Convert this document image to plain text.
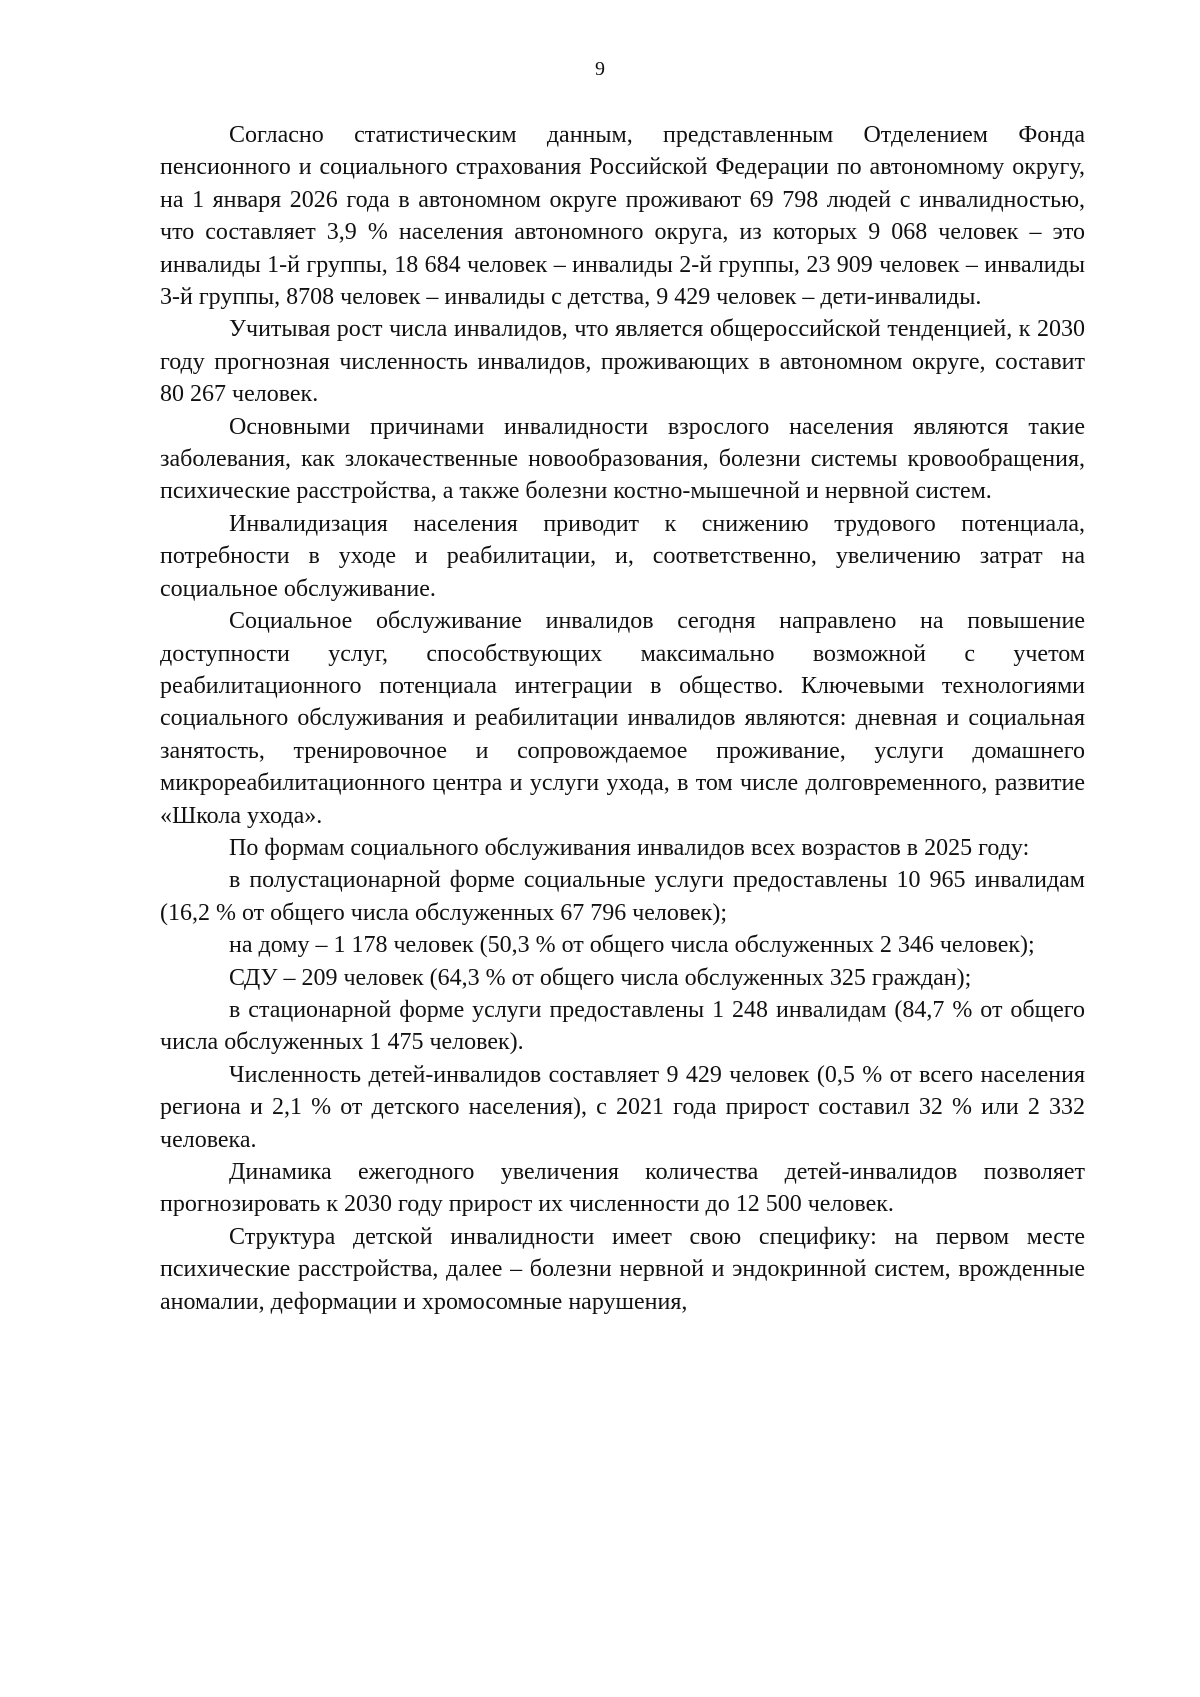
9

Согласно статистическим данным, представленным Отделением Фонда пенсионного и социального страхования Российской Федерации по автономному округу, на 1 января 2026 года в автономном округе проживают 69 798 людей с инвалидностью, что составляет 3,9 % населения автономного округа, из которых 9 068 человек – это инвалиды 1-й группы, 18 684 человек – инвалиды 2-й группы, 23 909 человек – инвалиды 3-й группы, 8708 человек – инвалиды с детства, 9 429 человек – дети-инвалиды.

Учитывая рост числа инвалидов, что является общероссийской тенденцией, к 2030 году прогнозная численность инвалидов, проживающих в автономном округе, составит 80 267 человек.

Основными причинами инвалидности взрослого населения являются такие заболевания, как злокачественные новообразования, болезни системы кровообращения, психические расстройства, а также болезни костно-мышечной и нервной систем.

Инвалидизация населения приводит к снижению трудового потенциала, потребности в уходе и реабилитации, и, соответственно, увеличению затрат на социальное обслуживание.

Социальное обслуживание инвалидов сегодня направлено на повышение доступности услуг, способствующих максимально возможной с учетом реабилитационного потенциала интеграции в общество. Ключевыми технологиями социального обслуживания и реабилитации инвалидов являются: дневная и социальная занятость, тренировочное и сопровождаемое проживание, услуги домашнего микрореабилитационного центра и услуги ухода, в том числе долговременного, развитие «Школа ухода».

По формам социального обслуживания инвалидов всех возрастов в 2025 году:

в полустационарной форме социальные услуги предоставлены 10 965 инвалидам (16,2 % от общего числа обслуженных 67 796 человек);

на дому – 1 178 человек (50,3 % от общего числа обслуженных 2 346 человек);

СДУ – 209 человек (64,3 % от общего числа обслуженных 325 граждан);

в стационарной форме услуги предоставлены 1 248 инвалидам (84,7 % от общего числа обслуженных 1 475 человек).

Численность детей-инвалидов составляет 9 429 человек (0,5 % от всего населения региона и 2,1 % от детского населения), с 2021 года прирост составил 32 % или 2 332 человека.

Динамика ежегодного увеличения количества детей-инвалидов позволяет прогнозировать к 2030 году прирост их численности до 12 500 человек.

Структура детской инвалидности имеет свою специфику: на первом месте психические расстройства, далее – болезни нервной и эндокринной систем, врожденные аномалии, деформации и хромосомные нарушения,
